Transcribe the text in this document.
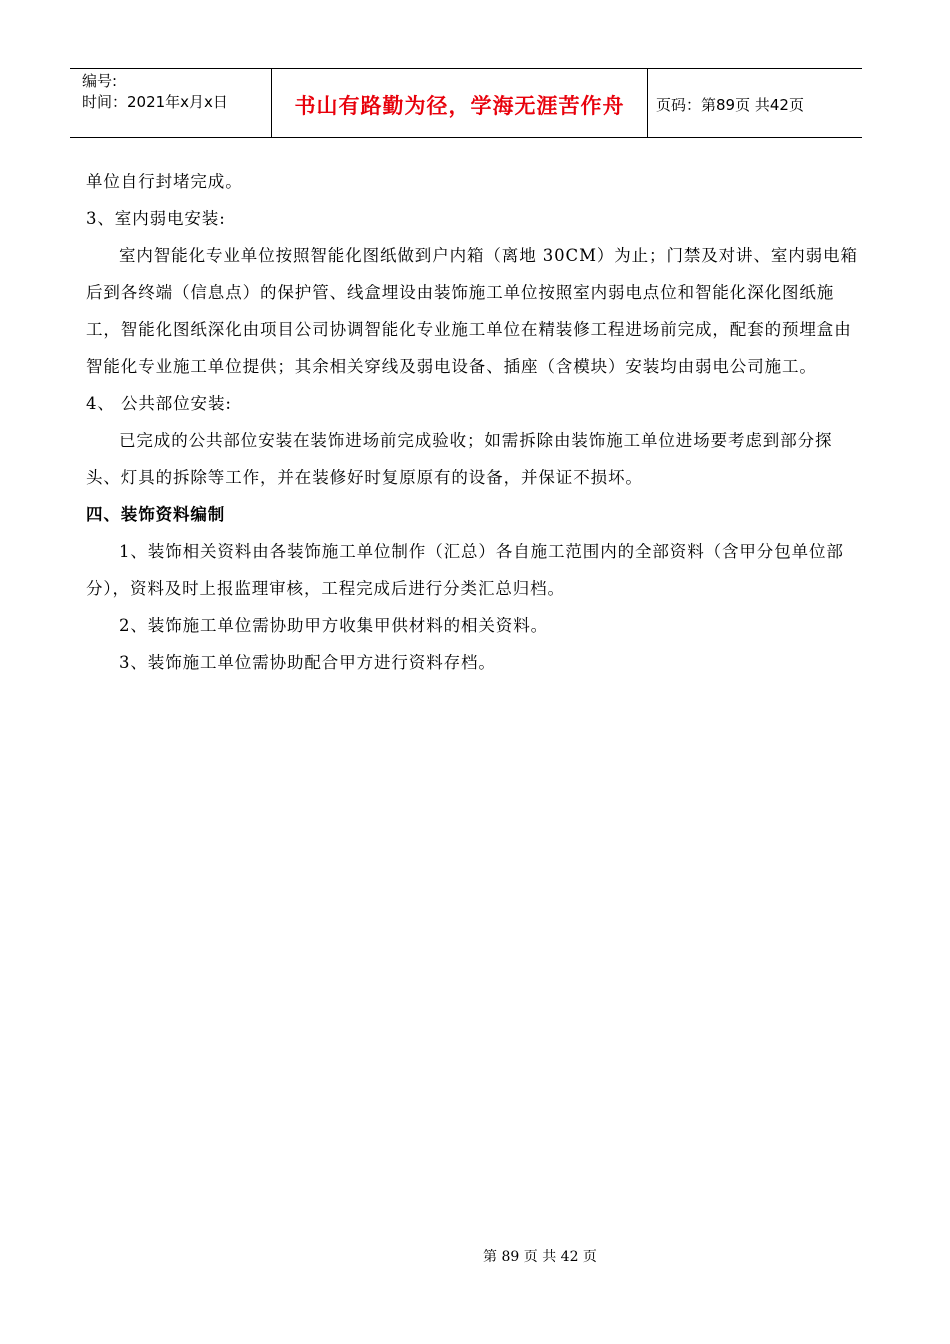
编号:
时间：2021年x月x日	书山有路勤为径，学海无涯苦作舟	页码：第89页 共42页

单位自行封堵完成。

3、室内弱电安装:

室内智能化专业单位按照智能化图纸做到户内箱（离地 30CM）为止；门禁及对讲、室内弱电箱后到各终端（信息点）的保护管、线盒埋设由装饰施工单位按照室内弱电点位和智能化深化图纸施工，智能化图纸深化由项目公司协调智能化专业施工单位在精装修工程进场前完成，配套的预埋盒由智能化专业施工单位提供；其余相关穿线及弱电设备、插座（含模块）安装均由弱电公司施工。

4、 公共部位安装:

已完成的公共部位安装在装饰进场前完成验收；如需拆除由装饰施工单位进场要考虑到部分探头、灯具的拆除等工作，并在装修好时复原原有的设备，并保证不损坏。

四、装饰资料编制

1、装饰相关资料由各装饰施工单位制作（汇总）各自施工范围内的全部资料（含甲分包单位部分），资料及时上报监理审核，工程完成后进行分类汇总归档。

2、装饰施工单位需协助甲方收集甲供材料的相关资料。

3、装饰施工单位需协助配合甲方进行资料存档。

第 89 页 共 42 页
